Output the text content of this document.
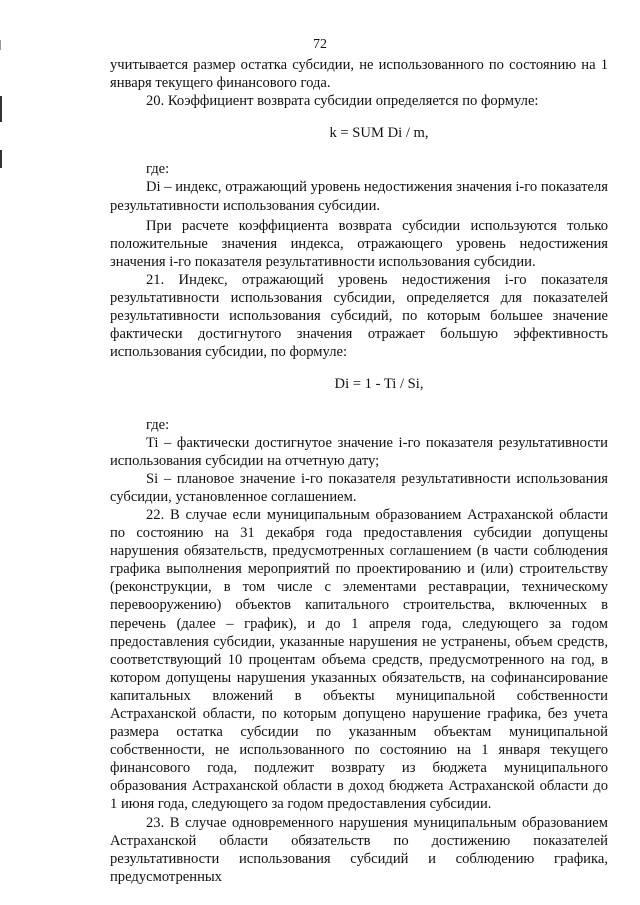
72

учитывается размер остатка субсидии, не использованного по состоянию на 1 января текущего финансового года.

20. Коэффициент возврата субсидии определяется по формуле:

k = SUM Di / m,

где:

Di – индекс, отражающий уровень недостижения значения i-го показателя результативности использования субсидии.

При расчете коэффициента возврата субсидии используются только положительные значения индекса, отражающего уровень недостижения значения i-го показателя результативности использования субсидии.

21. Индекс, отражающий уровень недостижения i-го показателя результативности использования субсидии, определяется для показателей результативности использования субсидий, по которым большее значение фактически достигнутого значения отражает большую эффективность использования субсидии, по формуле:

Di = 1 - Ti / Si,

где:

Ti – фактически достигнутое значение i-го показателя результативности использования субсидии на отчетную дату;

Si – плановое значение i-го показателя результативности использования субсидии, установленное соглашением.

22. В случае если муниципальным образованием Астраханской области по состоянию на 31 декабря года предоставления субсидии допущены нарушения обязательств, предусмотренных соглашением (в части соблюдения графика выполнения мероприятий по проектированию и (или) строительству (реконструкции, в том числе с элементами реставрации, техническому перевооружению) объектов капитального строительства, включенных в перечень (далее – график), и до 1 апреля года, следующего за годом предоставления субсидии, указанные нарушения не устранены, объем средств, соответствующий 10 процентам объема средств, предусмотренного на год, в котором допущены нарушения указанных обязательств, на софинансирование капитальных вложений в объекты муниципальной собственности Астраханской области, по которым допущено нарушение графика, без учета размера остатка субсидии по указанным объектам муниципальной собственности, не использованного по состоянию на 1 января текущего финансового года, подлежит возврату из бюджета муниципального образования Астраханской области в доход бюджета Астраханской области до 1 июня года, следующего за годом предоставления субсидии.

23. В случае одновременного нарушения муниципальным образованием Астраханской области обязательств по достижению показателей результативности использования субсидий и соблюдению графика, предусмотренных
